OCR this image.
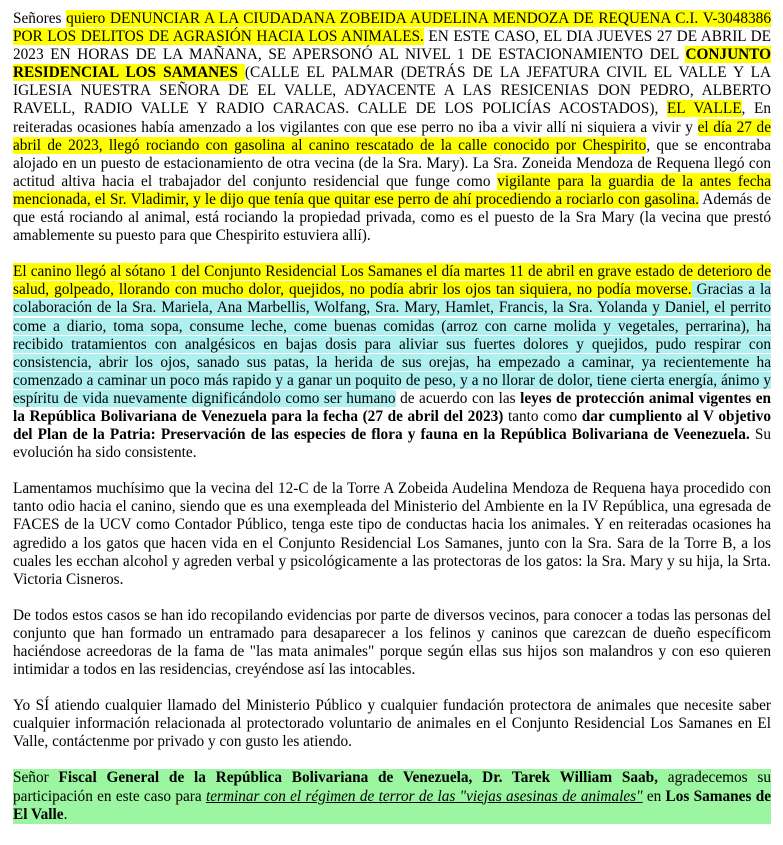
Señores quiero DENUNCIAR A LA CIUDADANA ZOBEIDA AUDELINA MENDOZA DE REQUENA C.I. V-3048386 POR LOS DELITOS DE AGRASIÓN HACIA LOS ANIMALES. EN ESTE CASO, EL DIA JUEVES 27 DE ABRIL DE 2023 EN HORAS DE LA MAÑANA, SE APERSONÓ AL NIVEL 1 DE ESTACIONAMIENTO DEL CONJUNTO RESIDENCIAL LOS SAMANES (CALLE EL PALMAR (DETRÁS DE LA JEFATURA CIVIL EL VALLE Y LA IGLESIA NUESTRA SEÑORA DE EL VALLE, ADYACENTE A LAS RESICENIAS DON PEDRO, ALBERTO RAVELL, RADIO VALLE Y RADIO CARACAS. CALLE DE LOS POLICÍAS ACOSTADOS), EL VALLE, En reiteradas ocasiones había amenzado a los vigilantes con que ese perro no iba a vivir allí ni siquiera a vivir y el día 27 de abril de 2023, llegó rociando con gasolina al canino rescatado de la calle conocido por Chespirito, que se encontraba alojado en un puesto de estacionamiento de otra vecina (de la Sra. Mary). La Sra. Zoneida Mendoza de Requena llegó con actitud altiva hacia el trabajador del conjunto residencial que funge como vigilante para la guardia de la antes fecha mencionada, el Sr. Vladimir, y le dijo que tenía que quitar ese perro de ahí procediendo a rociarlo con gasolina. Además de que está rociando al animal, está rociando la propiedad privada, como es el puesto de la Sra Mary (la vecina que prestó amablemente su puesto para que Chespirito estuviera allí).

El canino llegó al sótano 1 del Conjunto Residencial Los Samanes el día martes 11 de abril en grave estado de deterioro de salud, golpeado, llorando con mucho dolor, quejidos, no podía abrir los ojos tan siquiera, no podía moverse. Gracias a la colaboración de la Sra. Mariela, Ana Marbellis, Wolfang, Sra. Mary, Hamlet, Francis, la Sra. Yolanda y Daniel, el perrito come a diario, toma sopa, consume leche, come buenas comidas (arroz con carne molida y vegetales, perrarina), ha recibido tratamientos con analgésicos en bajas dosis para aliviar sus fuertes dolores y quejidos, pudo respirar con consistencia, abrir los ojos, sanado sus patas, la herida de sus orejas, ha empezado a caminar, ya recientemente ha comenzado a caminar un poco más rapido y a ganar un poquito de peso, y a no llorar de dolor, tiene cierta energía, ánimo y espíritu de vida nuevamente dignificándolo como ser humano de acuerdo con las leyes de protección animal vigentes en la República Bolivariana de Venezuela para la fecha (27 de abril del 2023) tanto como dar cumpliento al V objetivo del Plan de la Patria: Preservación de las especies de flora y fauna en la República Bolivariana de Veenezuela. Su evolución ha sido consistente.

Lamentamos muchísimo que la vecina del 12-C de la Torre A Zobeida Audelina Mendoza de Requena haya procedido con tanto odio hacia el canino, siendo que es una exempleada del Ministerio del Ambiente en la IV República, una egresada de FACES de la UCV como Contador Público, tenga este tipo de conductas hacia los animales. Y en reiteradas ocasiones ha agredido a los gatos que hacen vida en el Conjunto Residencial Los Samanes, junto con la Sra. Sara de la Torre B, a los cuales les ecchan alcohol y agreden verbal y psicológicamente a las protectoras de los gatos: la Sra. Mary y su hija, la Srta. Victoria Cisneros.

De todos estos casos se han ido recopilando evidencias por parte de diversos vecinos, para conocer a todas las personas del conjunto que han formado un entramado para desaparecer a los felinos y caninos que carezcan de dueño específicom haciéndose acreedoras de la fama de "las mata animales" porque según ellas sus hijos son malandros y con eso quieren intimidar a todos en las residencias, creyéndose así las intocables.

Yo SÍ atiendo cualquier llamado del Ministerio Público y cualquier fundación protectora de animales que necesite saber cualquier información relacionada al protectorado voluntario de animales en el Conjunto Residencial Los Samanes en El Valle, contáctenme por privado y con gusto les atiendo.

Señor Fiscal General de la República Bolivariana de Venezuela, Dr. Tarek William Saab, agradecemos su participación en este caso para terminar con el régimen de terror de las "viejas asesinas de animales" en Los Samanes de El Valle.
